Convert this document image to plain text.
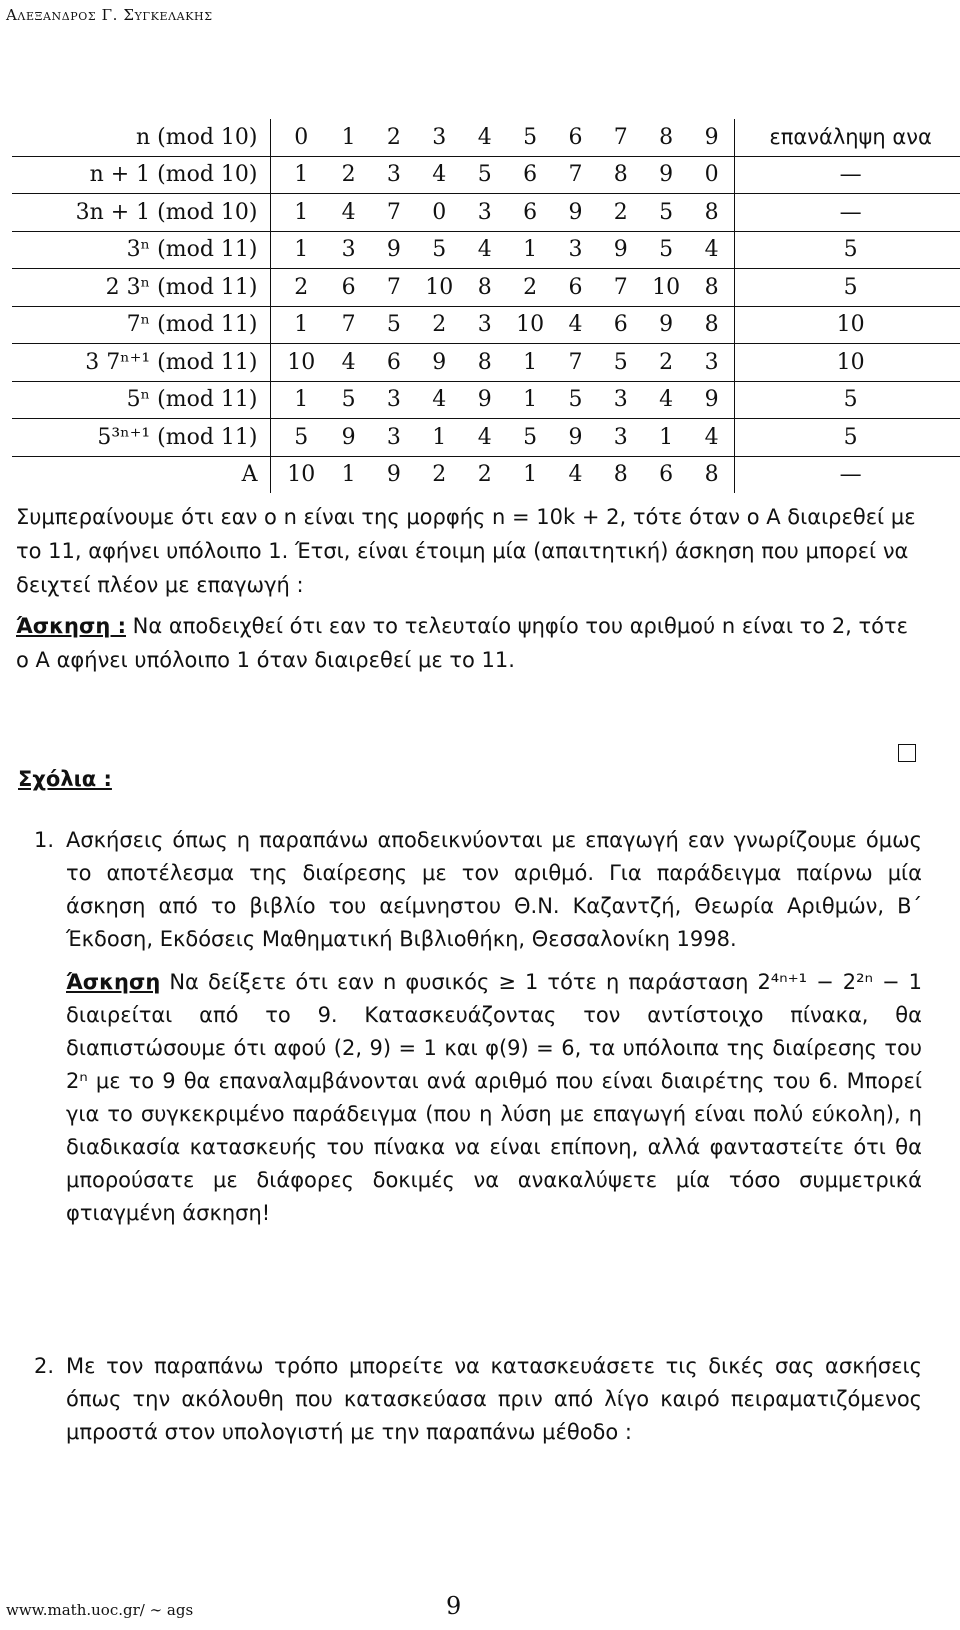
Αλεξανδρος Γ. Συγκελακης
n (mod 10)	0	1	2	3	4	5	6	7	8	9	επανάληψη ανα
n + 1 (mod 10)	1	2	3	4	5	6	7	8	9	0	—
3n + 1 (mod 10)	1	4	7	0	3	6	9	2	5	8	—
3ⁿ (mod 11)	1	3	9	5	4	1	3	9	5	4	5
2 3ⁿ (mod 11)	2	6	7	10	8	2	6	7	10	8	5
7ⁿ (mod 11)	1	7	5	2	3	10	4	6	9	8	10
3 7ⁿ⁺¹ (mod 11)	10	4	6	9	8	1	7	5	2	3	10
5ⁿ (mod 11)	1	5	3	4	9	1	5	3	4	9	5
5³ⁿ⁺¹ (mod 11)	5	9	3	1	4	5	9	3	1	4	5
A	10	1	9	2	2	1	4	8	6	8	—
Συμπεραίνουμε ότι εαν ο n είναι της μορφής n = 10k + 2, τότε όταν ο A διαιρεθεί με το 11, αφήνει υπόλοιπο 1. Έτσι, είναι έτοιμη μία (απαιτητική) άσκηση που μπορεί να δειχτεί πλέον με επαγωγή :
Άσκηση : Να αποδειχθεί ότι εαν το τελευταίο ψηφίο του αριθμού n είναι το 2, τότε ο A αφήνει υπόλοιπο 1 όταν διαιρεθεί με το 11.
Σχόλια :
1. Ασκήσεις όπως η παραπάνω αποδεικνύονται με επαγωγή εαν γνωρίζουμε όμως το αποτέλεσμα της διαίρεσης με τον αριθμό. Για παράδειγμα παίρνω μία άσκηση από το βιβλίο του αείμνηστου Θ.Ν. Καζαντζή, Θεωρία Αριθμών, Β΄ Έκδοση, Εκδόσεις Μαθηματική Βιβλιοθήκη, Θεσσαλονίκη 1998.
Άσκηση Να δείξετε ότι εαν n φυσικός ≥ 1 τότε η παράσταση 2⁴ⁿ⁺¹ − 2²ⁿ − 1 διαιρείται από το 9. Κατασκευάζοντας τον αντίστοιχο πίνακα, θα διαπιστώσουμε ότι αφού (2, 9) = 1 και φ(9) = 6, τα υπόλοιπα της διαίρεσης του 2ⁿ με το 9 θα επαναλαμβάνονται ανά αριθμό που είναι διαιρέτης του 6. Μπορεί για το συγκεκριμένο παράδειγμα (που η λύση με επαγωγή είναι πολύ εύκολη), η διαδικασία κατασκευής του πίνακα να είναι επίπονη, αλλά φανταστείτε ότι θα μπορούσατε με διάφορες δοκιμές να ανακαλύψετε μία τόσο συμμετρικά φτιαγμένη άσκηση!
2. Με τον παραπάνω τρόπο μπορείτε να κατασκευάσετε τις δικές σας ασκήσεις όπως την ακόλουθη που κατασκεύασα πριν από λίγο καιρό πειραματιζόμενος μπροστά στον υπολογιστή με την παραπάνω μέθοδο :
www.math.uoc.gr/ ∼ ags	9
